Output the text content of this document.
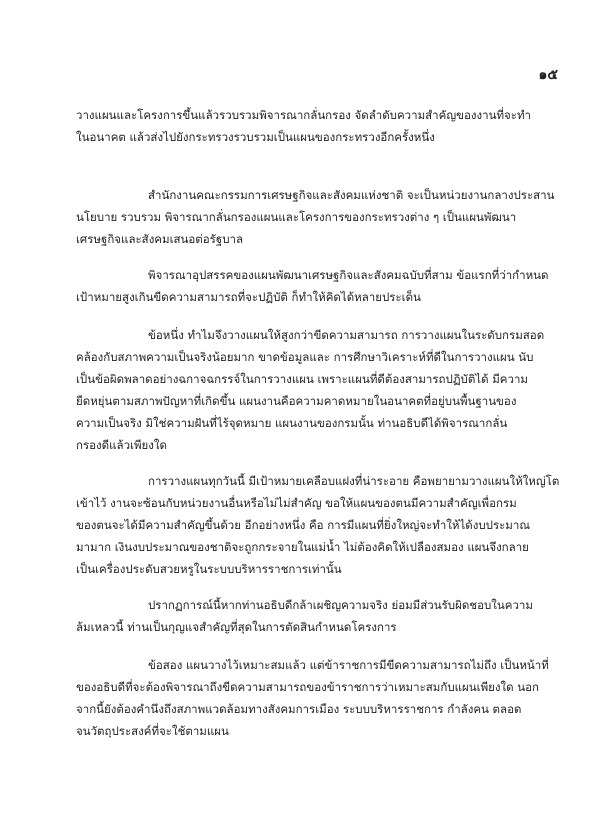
๑๕
วางแผนและโครงการขึ้นแล้วรวบรวมพิจารณากลั่นกรอง จัดลำดับความสำคัญของงานที่จะทำ
ในอนาคต แล้วส่งไปยังกระทรวงรวบรวมเป็นแผนของกระทรวงอีกครั้งหนึ่ง
สำนักงานคณะกรรมการเศรษฐกิจและสังคมแห่งชาติ จะเป็นหน่วยงานกลางประสาน
นโยบาย รวบรวม พิจารณากลั่นกรองแผนและโครงการของกระทรวงต่าง ๆ เป็นแผนพัฒนา
เศรษฐกิจและสังคมเสนอต่อรัฐบาล
พิจารณาอุปสรรคของแผนพัฒนาเศรษฐกิจและสังคมฉบับที่สาม ข้อแรกที่ว่ากำหนด
เป้าหมายสูงเกินขีดความสามารถที่จะปฏิบัติ ก็ทำให้คิดได้หลายประเด็น
ข้อหนึ่ง ทำไมจึงวางแผนให้สูงกว่าขีดความสามารถ การวางแผนในระดับกรมสอด
คล้องกับสภาพความเป็นจริงน้อยมาก ขาดข้อมูลและ การศึกษาวิเคราะห์ที่ดีในการวางแผน นับ
เป็นข้อผิดพลาดอย่างฉกาจฉกรรจ์ในการวางแผน เพราะแผนที่ดีต้องสามารถปฏิบัติได้ มีความ
ยืดหยุ่นตามสภาพปัญหาที่เกิดขึ้น แผนงานคือความคาดหมายในอนาคตที่อยู่บนพื้นฐานของ
ความเป็นจริง มิใช่ความฝันที่ไร้จุดหมาย แผนงานของกรมนั้น ท่านอธิบดีได้พิจารณากลั่น
กรองดีแล้วเพียงใด
การวางแผนทุกวันนี้ มีเป้าหมายเคลือบแฝงที่น่าระอาย คือพยายามวางแผนให้ใหญ่โต
เข้าไว้ งานจะซ้อนกับหน่วยงานอื่นหรือไม่ไม่สำคัญ ขอให้แผนของตนมีความสำคัญเพื่อกรม
ของตนจะได้มีความสำคัญขึ้นด้วย อีกอย่างหนึ่ง คือ การมีแผนที่ยิ่งใหญ่จะทำให้ได้งบประมาณ
มามาก เงินงบประมาณของชาติจะถูกกระจายในแม่น้ำ ไม่ต้องคิดให้เปลืองสมอง แผนจึงกลาย
เป็นเครื่องประดับสวยหรูในระบบบริหารราชการเท่านั้น
ปรากฏการณ์นี้หากท่านอธิบดีกล้าเผชิญความจริง ย่อมมีส่วนรับผิดชอบในความ
ล้มเหลวนี้ ท่านเป็นกุญแจสำคัญที่สุดในการตัดสินกำหนดโครงการ
ข้อสอง แผนวางไว้เหมาะสมแล้ว แต่ข้าราชการมีขีดความสามารถไม่ถึง เป็นหน้าที่
ของอธิบดีที่จะต้องพิจารณาถึงขีดความสามารถของข้าราชการว่าเหมาะสมกับแผนเพียงใด นอก
จากนี้ยังต้องคำนึงถึงสภาพแวดล้อมทางสังคมการเมือง ระบบบริหารราชการ กำลังคน ตลอด
จนวัตถุประสงค์ที่จะใช้ตามแผน
